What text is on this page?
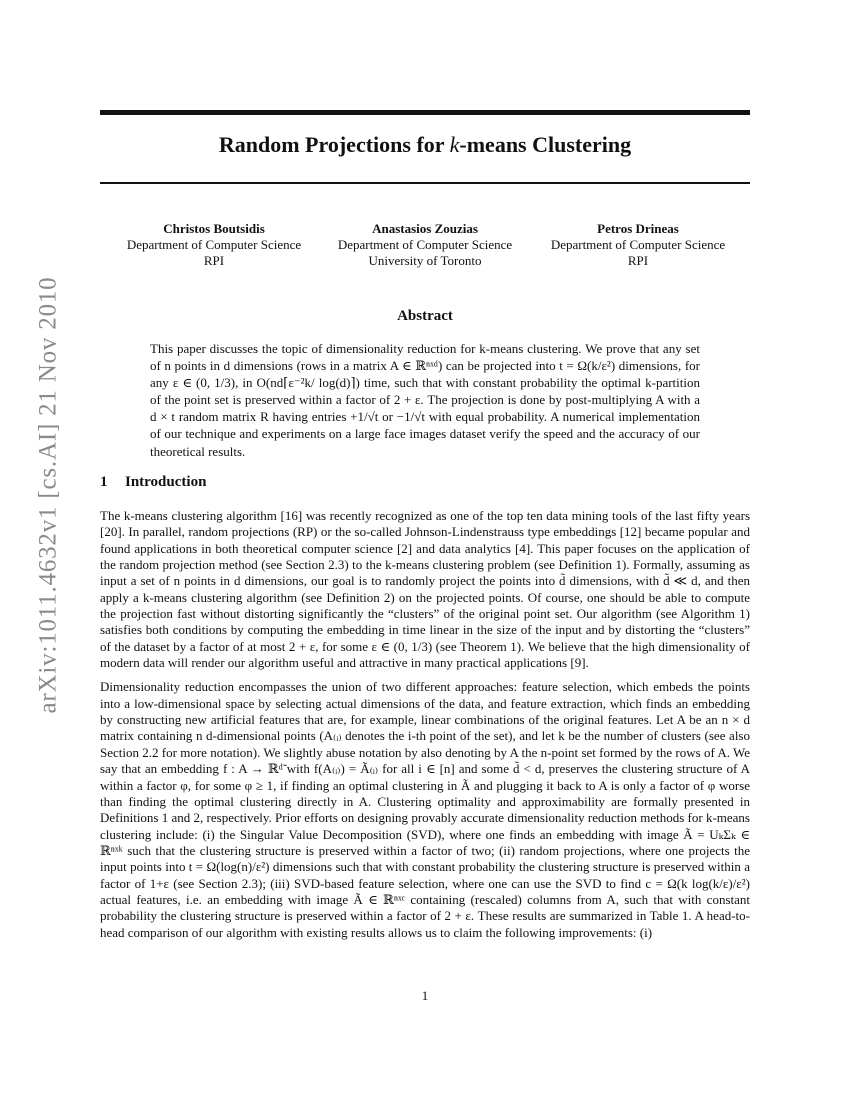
arXiv:1011.4632v1 [cs.AI] 21 Nov 2010
Random Projections for k-means Clustering
Christos Boutsidis
Department of Computer Science
RPI
Anastasios Zouzias
Department of Computer Science
University of Toronto
Petros Drineas
Department of Computer Science
RPI
Abstract

This paper discusses the topic of dimensionality reduction for k-means clustering. We prove that any set of n points in d dimensions (rows in a matrix A ∈ ℝⁿˣᵈ) can be projected into t = Ω(k/ε²) dimensions, for any ε ∈ (0, 1/3), in O(nd⌈ε⁻²k/ log(d)⌉) time, such that with constant probability the optimal k-partition of the point set is preserved within a factor of 2 + ε. The projection is done by post-multiplying A with a d × t random matrix R having entries +1/√t or −1/√t with equal probability. A numerical implementation of our technique and experiments on a large face images dataset verify the speed and the accuracy of our theoretical results.

1 Introduction

The k-means clustering algorithm [16] was recently recognized as one of the top ten data mining tools of the last fifty years [20]. In parallel, random projections (RP) or the so-called Johnson-Lindenstrauss type embeddings [12] became popular and found applications in both theoretical computer science [2] and data analytics [4]. This paper focuses on the application of the random projection method (see Section 2.3) to the k-means clustering problem (see Definition 1). Formally, assuming as input a set of n points in d dimensions, our goal is to randomly project the points into d̃ dimensions, with d̃ ≪ d, and then apply a k-means clustering algorithm (see Definition 2) on the projected points. Of course, one should be able to compute the projection fast without distorting significantly the “clusters” of the original point set. Our algorithm (see Algorithm 1) satisfies both conditions by computing the embedding in time linear in the size of the input and by distorting the “clusters” of the dataset by a factor of at most 2 + ε, for some ε ∈ (0, 1/3) (see Theorem 1). We believe that the high dimensionality of modern data will render our algorithm useful and attractive in many practical applications [9].

Dimensionality reduction encompasses the union of two different approaches: feature selection, which embeds the points into a low-dimensional space by selecting actual dimensions of the data, and feature extraction, which finds an embedding by constructing new artificial features that are, for example, linear combinations of the original features. Let A be an n × d matrix containing n d-dimensional points (A₍ᵢ₎ denotes the i-th point of the set), and let k be the number of clusters (see also Section 2.2 for more notation). We slightly abuse notation by also denoting by A the n-point set formed by the rows of A. We say that an embedding f : A → ℝᵈ̃ with f(A₍ᵢ₎) = Ã₍ᵢ₎ for all i ∈ [n] and some d̃ < d, preserves the clustering structure of A within a factor φ, for some φ ≥ 1, if finding an optimal clustering in Ã and plugging it back to A is only a factor of φ worse than finding the optimal clustering directly in A. Clustering optimality and approximability are formally presented in Definitions 1 and 2, respectively. Prior efforts on designing provably accurate dimensionality reduction methods for k-means clustering include: (i) the Singular Value Decomposition (SVD), where one finds an embedding with image Ã = UₖΣₖ ∈ ℝⁿˣᵏ such that the clustering structure is preserved within a factor of two; (ii) random projections, where one projects the input points into t = Ω(log(n)/ε²) dimensions such that with constant probability the clustering structure is preserved within a factor of 1+ε (see Section 2.3); (iii) SVD-based feature selection, where one can use the SVD to find c = Ω(k log(k/ε)/ε²) actual features, i.e. an embedding with image Ã ∈ ℝⁿˣᶜ containing (rescaled) columns from A, such that with constant probability the clustering structure is preserved within a factor of 2 + ε. These results are summarized in Table 1. A head-to-head comparison of our algorithm with existing results allows us to claim the following improvements: (i)

1
